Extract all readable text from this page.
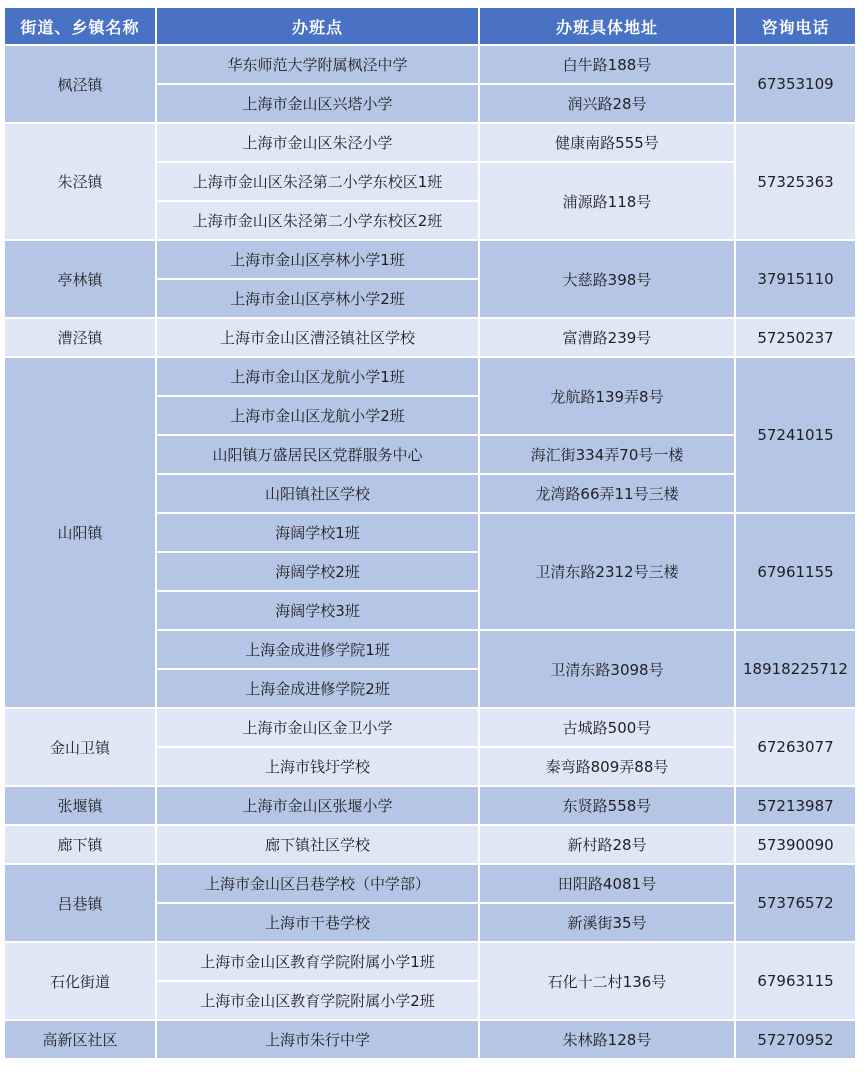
街道、乡镇名称	办班点	办班具体地址	咨询电话
枫泾镇	华东师范大学附属枫泾中学	白牛路188号	67353109
	上海市金山区兴塔小学	润兴路28号	
朱泾镇	上海市金山区朱泾小学	健康南路555号	57325363
	上海市金山区朱泾第二小学东校区1班	浦源路118号	
	上海市金山区朱泾第二小学东校区2班		
亭林镇	上海市金山区亭林小学1班	大慈路398号	37915110
	上海市金山区亭林小学2班		
漕泾镇	上海市金山区漕泾镇社区学校	富漕路239号	57250237
山阳镇	上海市金山区龙航小学1班	龙航路139弄8号	57241015
	上海市金山区龙航小学2班		
	山阳镇万盛居民区党群服务中心	海汇街334弄70号一楼	
	山阳镇社区学校	龙湾路66弄11号三楼	
	海阔学校1班	卫清东路2312号三楼	67961155
	海阔学校2班		
	海阔学校3班		
	上海金成进修学院1班	卫清东路3098号	18918225712
	上海金成进修学院2班		
金山卫镇	上海市金山区金卫小学	古城路500号	67263077
	上海市钱圩学校	秦弯路809弄88号	
张堰镇	上海市金山区张堰小学	东贤路558号	57213987
廊下镇	廊下镇社区学校	新村路28号	57390090
吕巷镇	上海市金山区吕巷学校（中学部）	田阳路4081号	57376572
	上海市干巷学校	新溪街35号	
石化街道	上海市金山区教育学院附属小学1班	石化十二村136号	67963115
	上海市金山区教育学院附属小学2班		
高新区社区	上海市朱行中学	朱林路128号	57270952
